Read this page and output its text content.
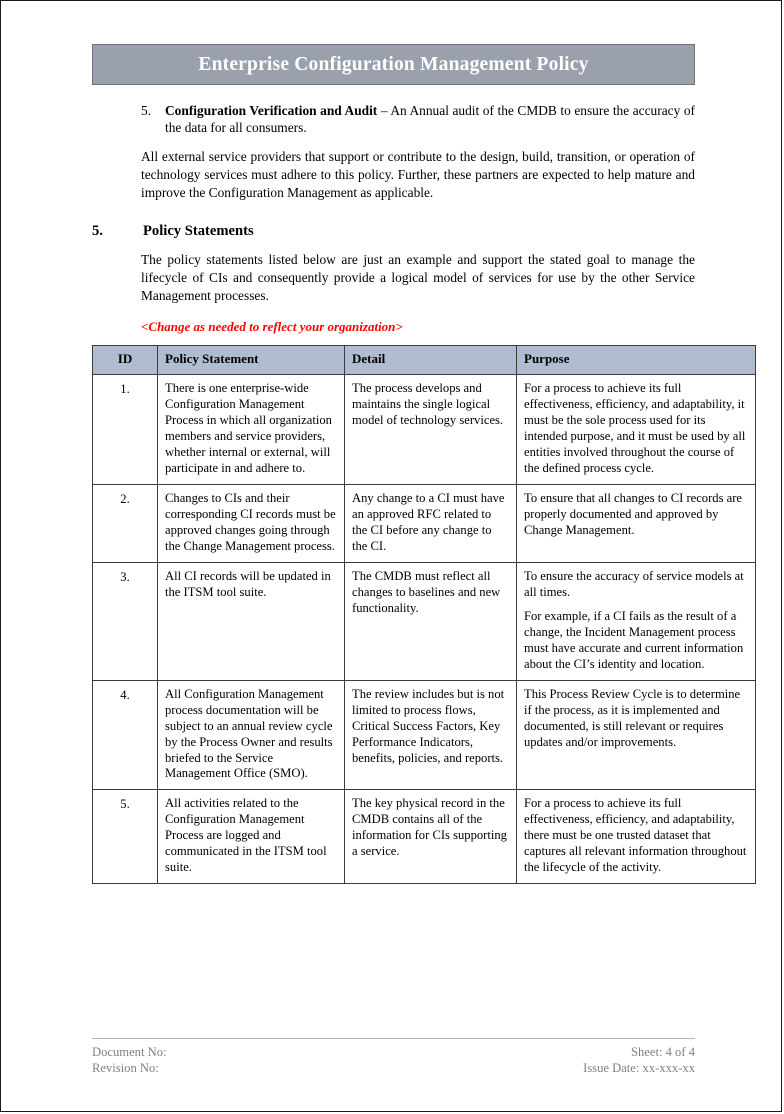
Enterprise Configuration Management Policy
5.	Configuration Verification and Audit – An Annual audit of the CMDB to ensure the accuracy of the data for all consumers.
All external service providers that support or contribute to the design, build, transition, or operation of technology services must adhere to this policy. Further, these partners are expected to help mature and improve the Configuration Management as applicable.
5.	Policy Statements
The policy statements listed below are just an example and support the stated goal to manage the lifecycle of CIs and consequently provide a logical model of services for use by the other Service Management processes.
<Change as needed to reflect your organization>
ID	Policy Statement	Detail	Purpose
1.	There is one enterprise-wide Configuration Management Process in which all organization members and service providers, whether internal or external, will participate in and adhere to.	The process develops and maintains the single logical model of technology services.	For a process to achieve its full effectiveness, efficiency, and adaptability, it must be the sole process used for its intended purpose, and it must be used by all entities involved throughout the course of the defined process cycle.

2.	Changes to CIs and their corresponding CI records must be approved changes going through the Change Management process.	Any change to a CI must have an approved RFC related to the CI before any change to the CI.	To ensure that all changes to CI records are properly documented and approved by Change Management.

3.	All CI records will be updated in the ITSM tool suite.	The CMDB must reflect all changes to baselines and new functionality.	To ensure the accuracy of service models at all times.
For example, if a CI fails as the result of a change, the Incident Management process must have accurate and current information about the CI’s identity and location.

4.	All Configuration Management process documentation will be subject to an annual review cycle by the Process Owner and results briefed to the Service Management Office (SMO).	The review includes but is not limited to process flows, Critical Success Factors, Key Performance Indicators, benefits, policies, and reports.	This Process Review Cycle is to determine if the process, as it is implemented and documented, is still relevant or requires updates and/or improvements.

5.	All activities related to the Configuration Management Process are logged and communicated in the ITSM tool suite.	The key physical record in the CMDB contains all of the information for CIs supporting a service.	For a process to achieve its full effectiveness, efficiency, and adaptability, there must be one trusted dataset that captures all relevant information throughout the lifecycle of the activity.
Document No:	Sheet: 4 of 4
Revision No:	Issue Date: xx-xxx-xx
